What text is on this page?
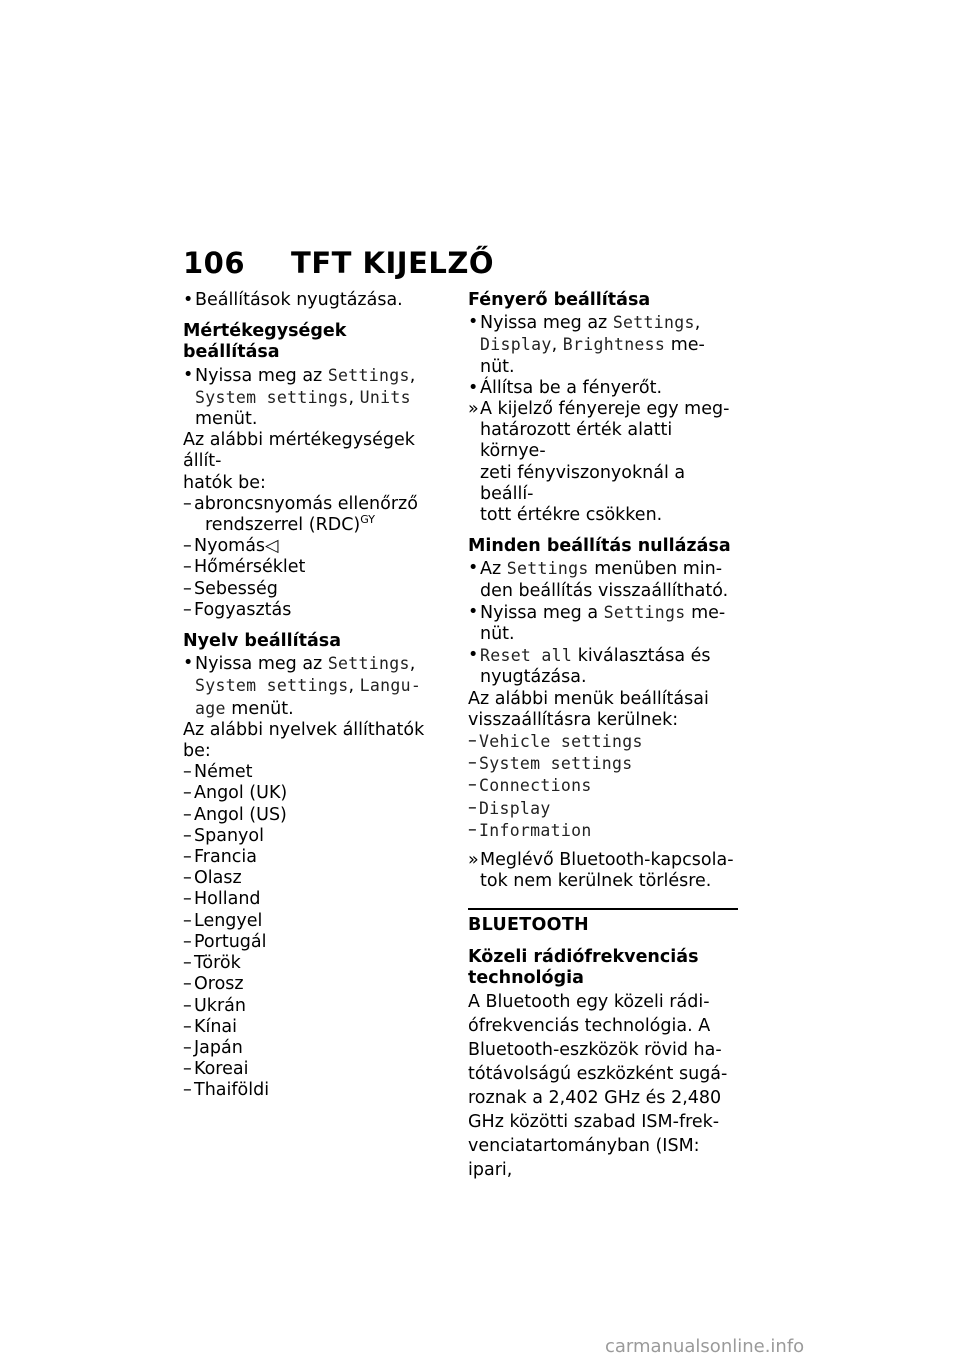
106 TFT KIJELZŐ
• Beállítások nyugtázása.
Mértékegységek beállítása
• Nyissa meg az Settings,
System settings, Units
menüt.
Az alábbi mértékegységek állít-
hatók be:
– abroncsnyomás ellenőrző
rendszerrel (RDC)$^{GY}$
– Nyomás◁
– Hőmérséklet
– Sebesség
– Fogyasztás
Nyelv beállítása
• Nyissa meg az Settings,
System settings, Langu-
age menüt.
Az alábbi nyelvek állíthatók be:
– Német
– Angol (UK)
– Angol (US)
– Spanyol
– Francia
– Olasz
– Holland
– Lengyel
– Portugál
– Török
– Orosz
– Ukrán
– Kínai
– Japán
– Koreai
– Thaiföldi
Fényerő beállítása
• Nyissa meg az Settings,
Display, Brightness me-
nüt.
• Állítsa be a fényerőt.
» A kijelző fényereje egy meg-
határozott érték alatti környe-
zeti fényviszonyoknál a beállí-
tott értékre csökken.
Minden beállítás nullázása
• Az Settings menüben min-
den beállítás visszaállítható.
• Nyissa meg a Settings me-
nüt.
• Reset all kiválasztása és
nyugtázása.
Az alábbi menük beállításai
visszaállításra kerülnek:
– Vehicle settings
– System settings
– Connections
– Display
– Information
» Meglévő Bluetooth-kapcsola-
tok nem kerülnek törlésre.
BLUETOOTH
Közeli rádiófrekvenciás
technológia
A Bluetooth egy közeli rádi-
ófrekvenciás technológia. A
Bluetooth-eszközök rövid ha-
tótávolságú eszközként sugá-
roznak a 2,402 GHz és 2,480
GHz közötti szabad ISM-frek-
venciatartományban (ISM: ipari,
carmanualsonline.info
